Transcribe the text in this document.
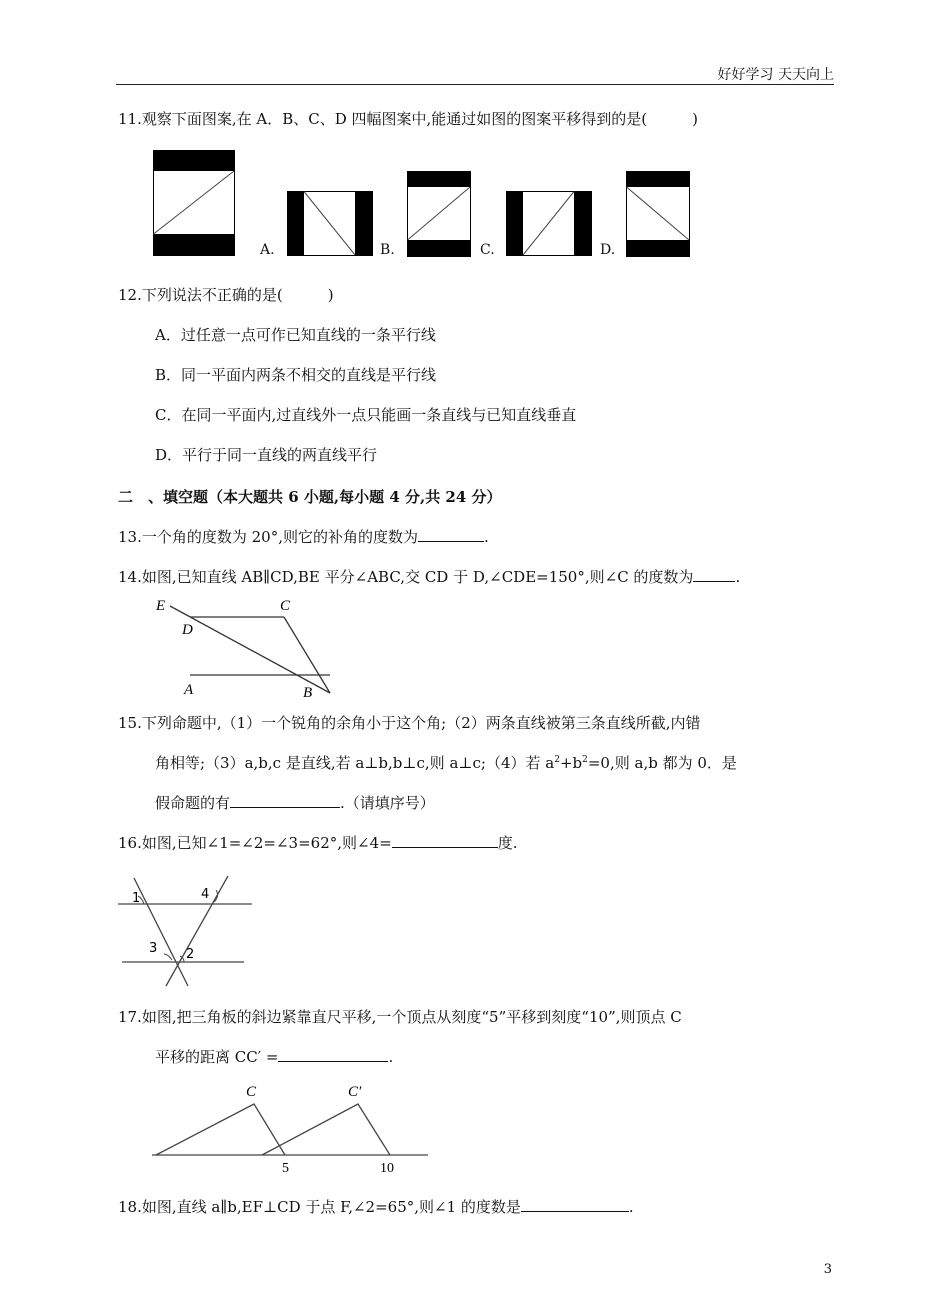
好好学习 天天向上
11.观察下面图案,在 A．B、C、D 四幅图案中,能通过如图的图案平移得到的是(　　　)
A.	B.	C.	D.
12.下列说法不正确的是(　　　)
A．过任意一点可作已知直线的一条平行线
B．同一平面内两条不相交的直线是平行线
C．在同一平面内,过直线外一点只能画一条直线与已知直线垂直
D．平行于同一直线的两直线平行
二　、填空题（本大题共 6 小题,每小题 4 分,共 24 分）
13.一个角的度数为 20°,则它的补角的度数为	.
14.如图,已知直线 AB∥CD,BE 平分∠ABC,交 CD 于 D,∠CDE=150°,则∠C 的度数为	.
E
D
C
A	B
15.下列命题中,（1）一个锐角的余角小于这个角;（2）两条直线被第三条直线所截,内错
角相等;（3）a,b,c 是直线,若 a⊥b,b⊥c,则 a⊥c;（4）若 $a^2+b^2=0$,则 a,b 都为 0．是
假命题的有	.（请填序号）
16.如图,已知∠1=∠2=∠3=62°,则∠4=	度.
1	4
3 2
17.如图,把三角板的斜边紧靠直尺平移,一个顶点从刻度“5”平移到刻度“10”,则顶点 C
平移的距离 CC′ =	.
C	C′
5	10
18.如图,直线 a∥b,EF⊥CD 于点 F,∠2=65°,则∠1 的度数是	.
3
